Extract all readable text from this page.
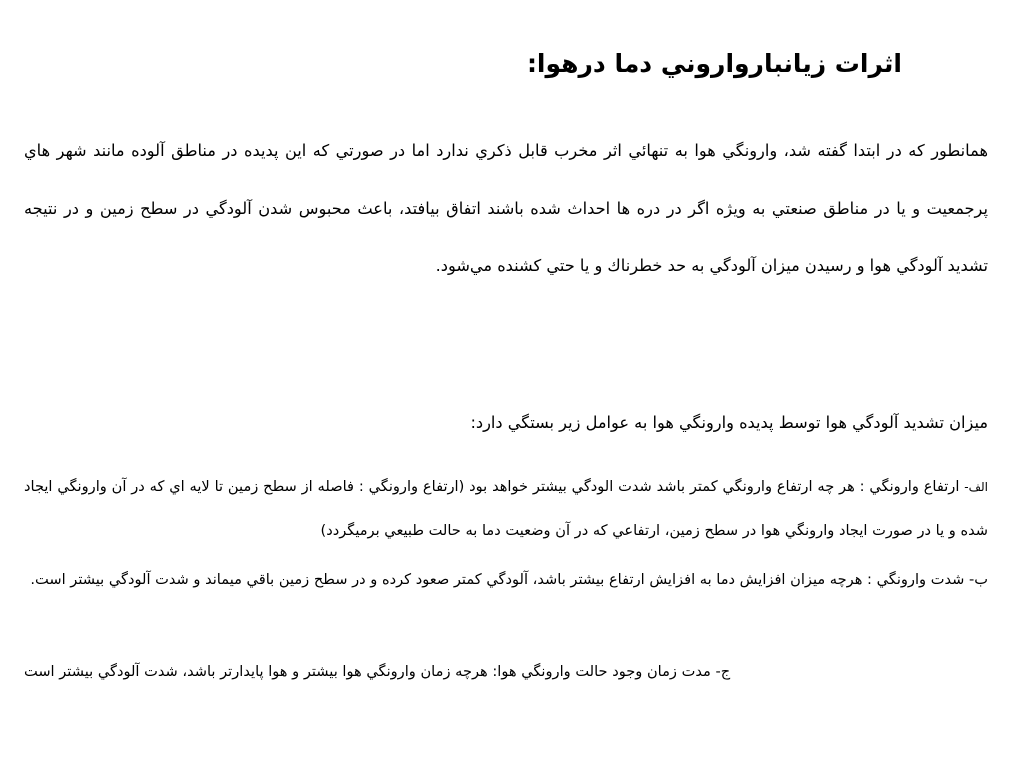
اثرات زيانبارواروني دما درهوا:

همانطور که در ابتدا گفته شد، وارونگي هوا به تنهائي اثر مخرب قابل ذکري ندارد اما در صورتي که اين پديده در مناطق آلوده مانند شهر هاي پرجمعيت و يا در مناطق صنعتي به ويژه اگر در دره ها احداث شده باشند اتفاق بيافتد، باعث محبوس شدن آلودگي در سطح زمين و در نتيجه تشديد آلودگي هوا و رسيدن ميزان آلودگي به حد خطرناك و يا حتي كشنده مي‌شود.

ميزان تشديد آلودگي هوا توسط پديده وارونگي هوا به عوامل زير بستگي دارد:

الف- ارتفاع وارونگي : هر چه ارتفاع وارونگي کمتر باشد شدت الودگي بيشتر خواهد بود (ارتفاع وارونگي : فاصله از سطح زمين تا لايه اي که در آن وارونگي ايجاد شده و يا در صورت ايجاد وارونگي هوا در سطح زمين، ارتفاعي که در آن وضعيت دما به حالت طبيعي برميگردد)

ب- شدت وارونگي : هرچه ميزان افزايش دما به افزايش ارتفاع بيشتر باشد، آلودگي کمتر صعود کرده و در سطح زمين باقي ميماند و شدت آلودگي بيشتر است.

ج- مدت زمان وجود حالت وارونگي هوا: هرچه زمان وارونگي هوا بيشتر و هوا پايدارتر باشد، شدت آلودگي بيشتر است
